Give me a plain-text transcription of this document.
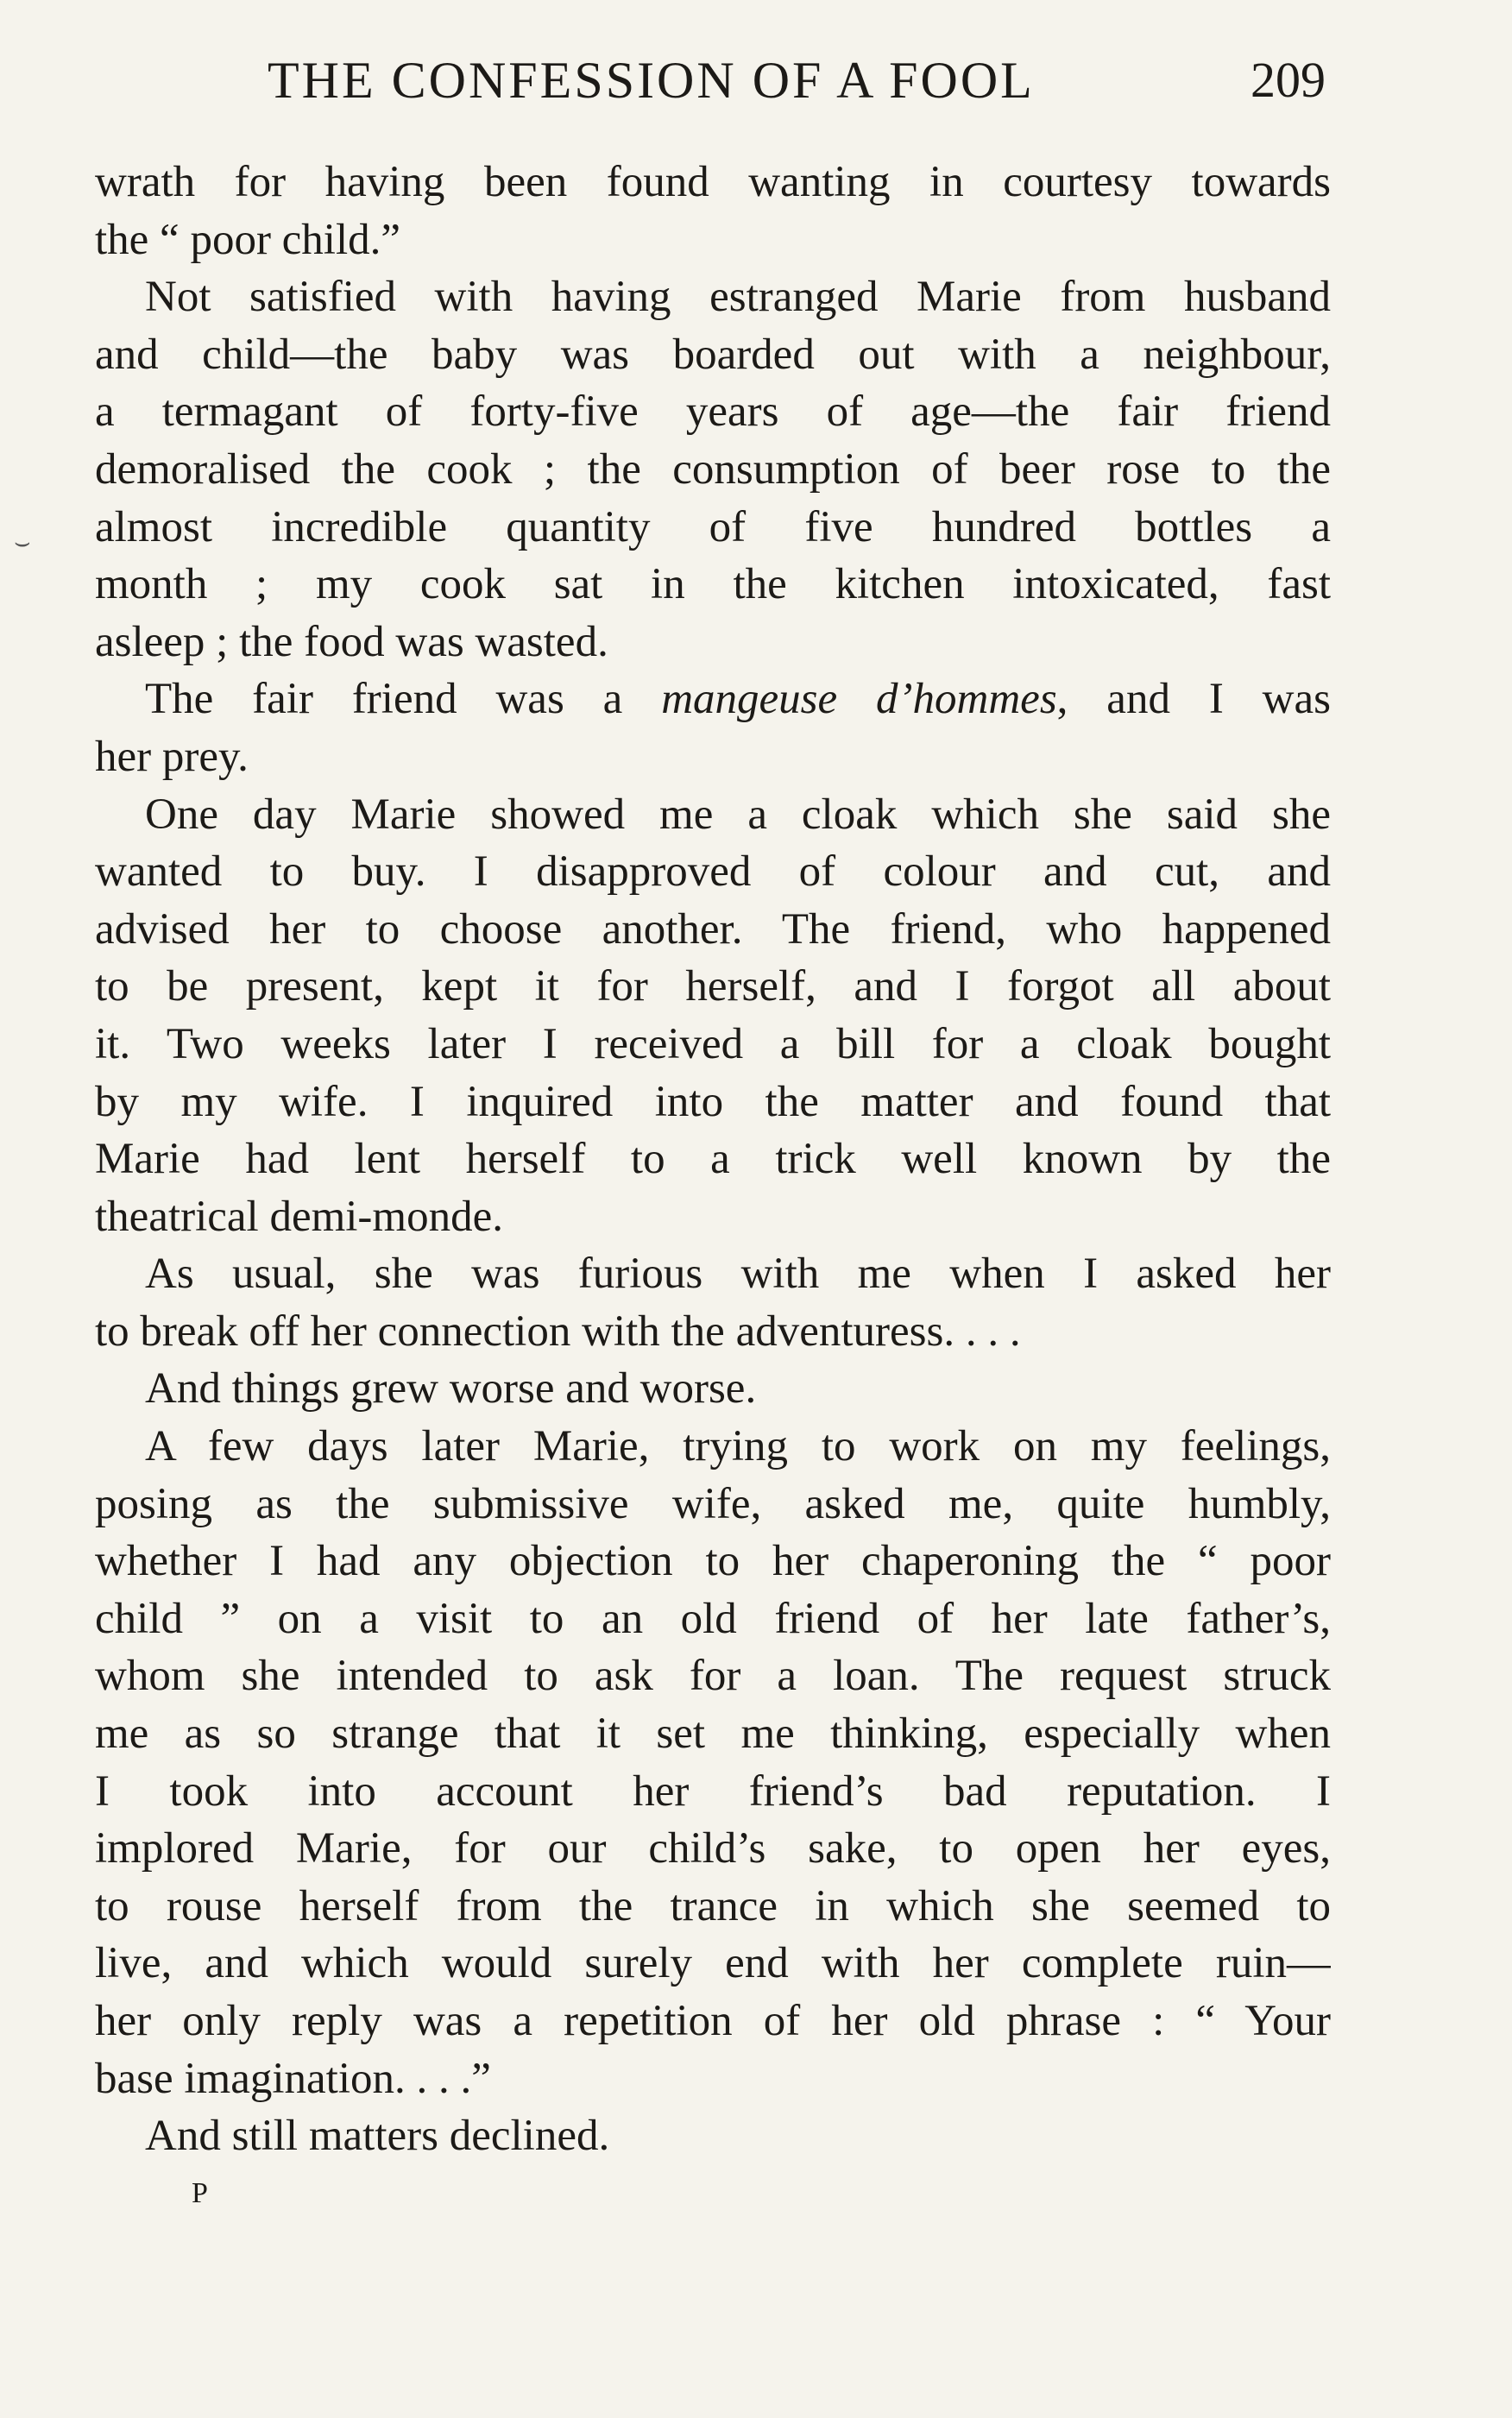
THE CONFESSION OF A FOOL	209
⌣
wrath for having been found wanting in courtesy towards
the “ poor child.”
Not satisfied with having estranged Marie from husband
and child—the baby was boarded out with a neighbour,
a termagant of forty-five years of age—the fair friend
demoralised the cook ; the consumption of beer rose to the
almost incredible quantity of five hundred bottles a
month ; my cook sat in the kitchen intoxicated, fast
asleep ; the food was wasted.
The fair friend was a mangeuse d’hommes, and I was
her prey.
One day Marie showed me a cloak which she said she
wanted to buy. I disapproved of colour and cut, and
advised her to choose another. The friend, who happened
to be present, kept it for herself, and I forgot all about
it. Two weeks later I received a bill for a cloak bought
by my wife. I inquired into the matter and found that
Marie had lent herself to a trick well known by the
theatrical demi-monde.
As usual, she was furious with me when I asked her
to break off her connection with the adventuress. . . .
And things grew worse and worse.
A few days later Marie, trying to work on my feelings,
posing as the submissive wife, asked me, quite humbly,
whether I had any objection to her chaperoning the “ poor
child ” on a visit to an old friend of her late father’s,
whom she intended to ask for a loan. The request struck
me as so strange that it set me thinking, especially when
I took into account her friend’s bad reputation. I
implored Marie, for our child’s sake, to open her eyes,
to rouse herself from the trance in which she seemed to
live, and which would surely end with her complete ruin—
her only reply was a repetition of her old phrase : “ Your
base imagination. . . .”
And still matters declined.
P
